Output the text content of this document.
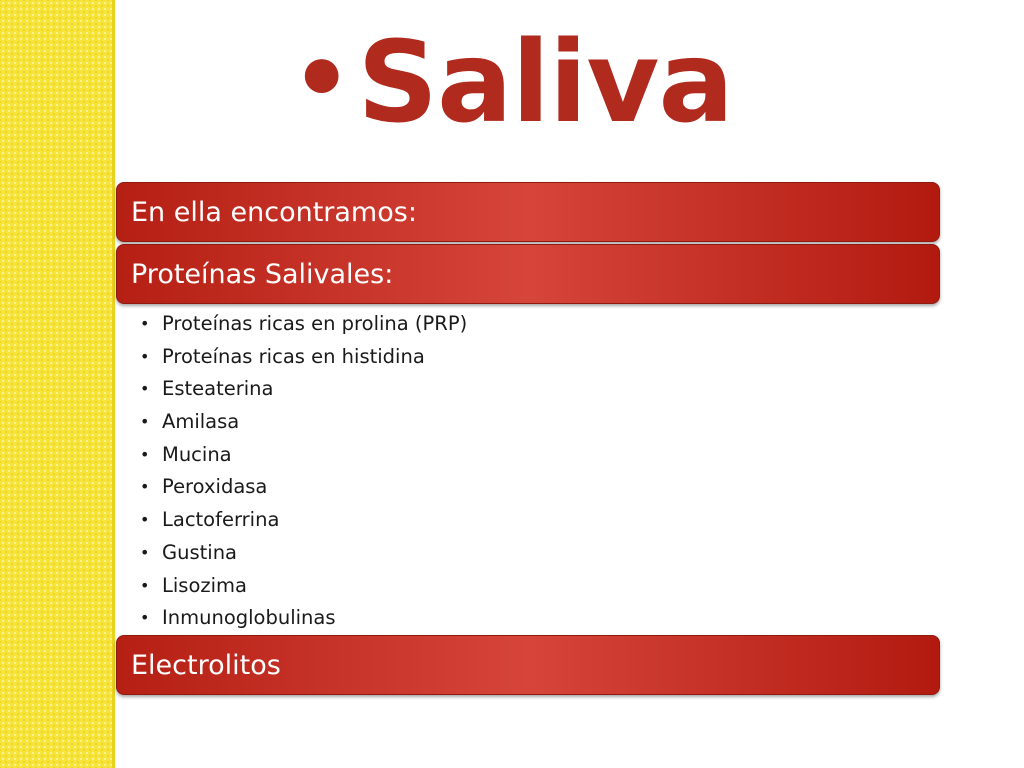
• Saliva
En ella encontramos:
Proteínas Salivales:
• Proteínas ricas en prolina (PRP)
• Proteínas ricas en histidina
• Esteaterina
• Amilasa
• Mucina
• Peroxidasa
• Lactoferrina
• Gustina
• Lisozima
• Inmunoglobulinas
Electrolitos
